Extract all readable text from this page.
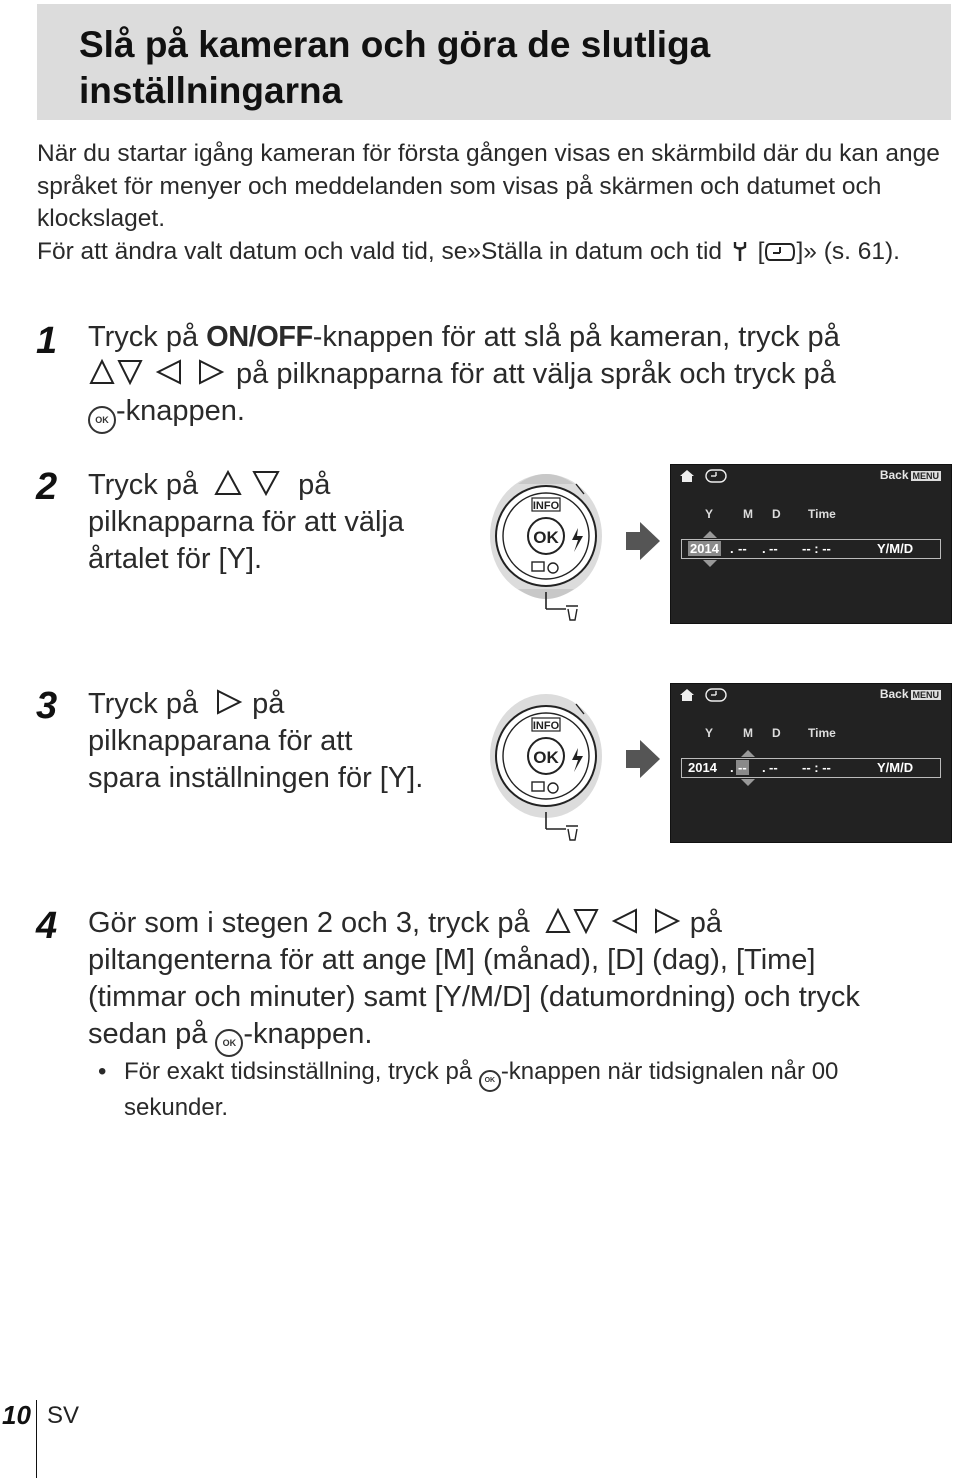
Slå på kameran och göra de slutliga inställningarna

När du startar igång kameran för första gången visas en skärmbild där du kan ange språket för menyer och meddelanden som visas på skärmen och datumet och klockslaget.

För att ändra valt datum och vald tid, se»Ställa in datum och tid [ ]» (s. 61).

1 Tryck på ON/OFF-knappen för att slå på kameran, tryck på

på pilknapparna för att välja språk och tryck på

OK -knappen.

2 Tryck på	på

pilknapparna för att välja

årtalet för [Y].

OK
INFO
Back MENU
Y M D Time
2014 . -- . -- -- : --	Y/M/D
3 Tryck på på

pilknapparana för att

spara inställningen för [Y].

OK
INFO
Back MENU
Y M D Time
2014 . -- . -- -- : --	Y/M/D
4 Gör som i stegen 2 och 3, tryck på	på

piltangenterna för att ange [M] (månad), [D] (dag), [Time]

(timmar och minuter) samt [Y/M/D] (datumordning) och tryck

sedan på OK -knappen.

• För exakt tidsinställning, tryck på OK -knappen när tidsignalen når 00 sekunder.
10 SV
